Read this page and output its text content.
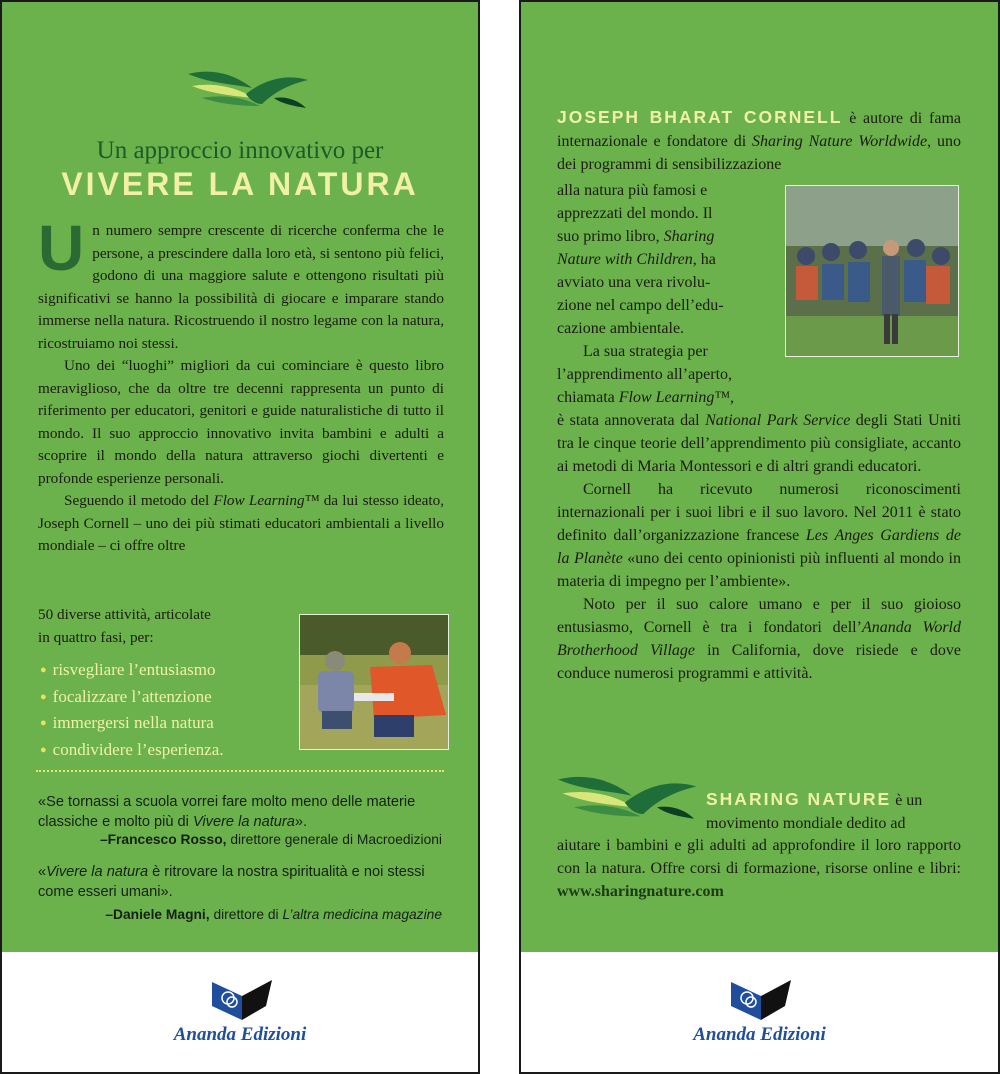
Un approccio innovativo per
VIVERE LA NATURA

Un numero sempre crescente di ricerche conferma che le persone, a prescindere dalla loro età, si sentono più felici, godono di una maggiore salute e ottengono risultati più significativi se hanno la possibilità di giocare e imparare stando immerse nella natura. Ricostruendo il nostro legame con la natura, ricostruiamo noi stessi.

Uno dei “luoghi” migliori da cui cominciare è questo libro meraviglioso, che da oltre tre decenni rappresenta un punto di riferimento per educatori, genitori e guide naturalistiche di tutto il mondo. Il suo approccio innovativo invita bambini e adulti a scoprire il mondo della natura attraverso giochi divertenti e profonde esperienze personali.

Seguendo il metodo del Flow Learning™ da lui stesso ideato, Joseph Cornell – uno dei più stimati educatori ambientali a livello mondiale – ci offre oltre

50 diverse attività, articolate
in quattro fasi, per:
● risvegliare l’entusiasmo
● focalizzare l’attenzione
● immergersi nella natura
● condividere l’esperienza.
«Se tornassi a scuola vorrei fare molto meno delle materie classiche e molto più di Vivere la natura».
–Francesco Rosso, direttore generale di Macroedizioni
«Vivere la natura è ritrovare la nostra spiritualità e noi stessi come esseri umani».
–Daniele Magni, direttore di L’altra medicina magazine
Ananda Edizioni
JOSEPH BHARAT CORNELL è autore di fama internazionale e fondatore di Sharing Nature Worldwide, uno dei programmi di sensibilizzazione
alla natura più famosi e
apprezzati del mondo. Il
suo primo libro, Sharing
Nature with Children, ha
avviato una vera rivolu-
zione nel campo dell’edu-
cazione ambientale.
La sua strategia per
l’apprendimento all’aperto,
chiamata Flow Learning™,
è stata annoverata dal National Park Service degli Stati Uniti tra le cinque teorie dell’apprendimento più consigliate, accanto ai metodi di Maria Montessori e di altri grandi educatori.
Cornell ha ricevuto numerosi riconoscimenti internazionali per i suoi libri e il suo lavoro. Nel 2011 è stato definito dall’organizzazione francese Les Anges Gardiens de la Planète «uno dei cento opinionisti più influenti al mondo in materia di impegno per l’ambiente».
Noto per il suo calore umano e per il suo gioioso entusiasmo, Cornell è tra i fondatori dell’Ananda World Brotherhood Village in California, dove risiede e dove conduce numerosi programmi e attività.
SHARING NATURE è un
movimento mondiale dedito ad
aiutare i bambini e gli adulti ad approfondire il loro rapporto con la natura. Offre corsi di formazione, risorse online e libri: www.sharingnature.com
Ananda Edizioni
